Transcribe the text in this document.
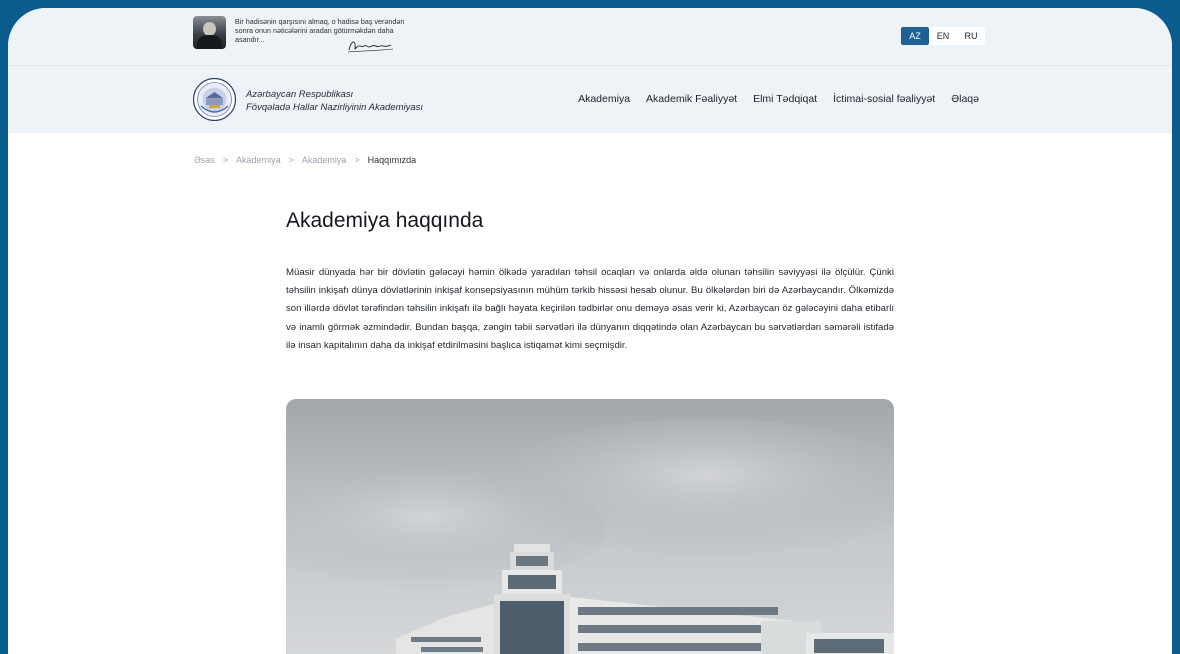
Bir hadisənin qarşısını almaq, o hadisə baş verəndən sonra onun nəticələrini aradan götürməkdən daha asandır...	AZ	EN	RU
Azərbaycan Respublikası
Fövqəladə Hallar Nazirliyinin Akademiyası
Akademiya Akademik Fəaliyyət Elmi Tədqiqat İctimai-sosial fəaliyyət Əlaqə
Əsas > Akademiya > Akademiya > Haqqımızda
Akademiya haqqında

Müasir dünyada hər bir dövlətin gələcəyi həmin ölkədə yaradılan təhsil ocaqları və onlarda əldə olunan təhsilin səviyyəsi ilə ölçülür. Çünki təhsilin inkişafı dünya dövlətlərinin inkişaf konsepsiyasının mühüm tərkib hissəsi hesab olunur. Bu ölkələrdən biri də Azərbaycandır. Ölkəmizdə son illərdə dövlət tərəfindən təhsilin inkişafı ilə bağlı həyata keçirilən tədbirlər onu deməyə əsas verir ki, Azərbaycan öz gələcəyini daha etibarlı və inamlı görmək əzmindədir. Bundan başqa, zəngin təbii sərvətləri ilə dünyanın diqqətində olan Azərbaycan bu sərvətlərdən səmərəli istifadə ilə insan kapitalının daha da inkişaf etdirilməsini başlıca istiqamət kimi seçmişdir.
